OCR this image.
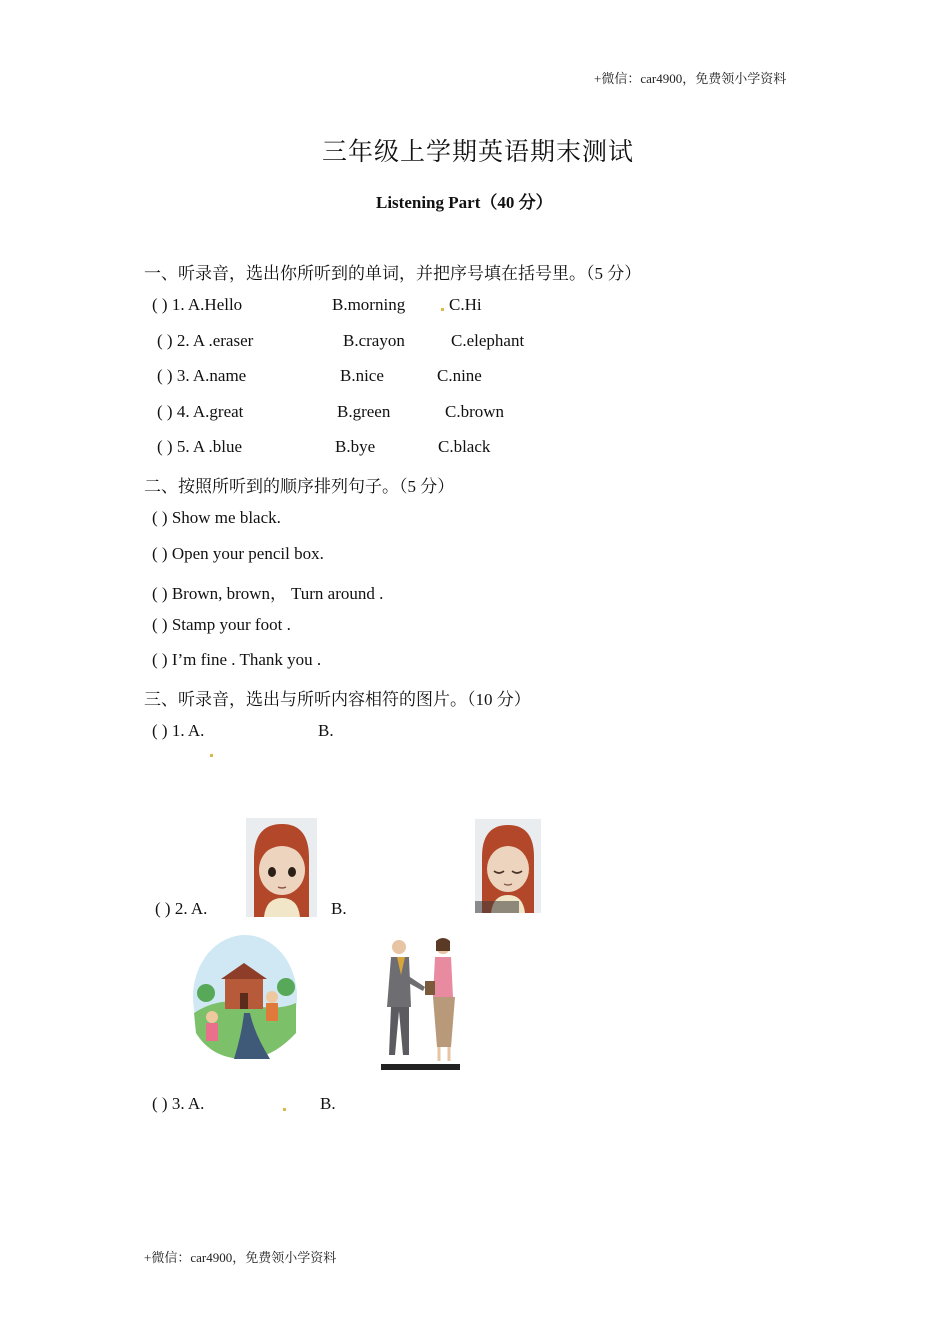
+微信：car4900，免费领小学资料
+微信：car4900，免费领小学资料
三年级上学期英语期末测试
Listening Part（40 分）
一、听录音，选出你所听到的单词，并把序号填在括号里。（5 分）
( ) 1. A.Hello	B.morning	C.Hi
( ) 2. A .eraser	B.crayon	C.elephant
( ) 3. A.name	B.nice	C.nine
( ) 4. A.great	B.green	C.brown
( ) 5. A .blue	B.bye	C.black
二、按照所听到的顺序排列句子。（5 分）
( ) Show me black.
( ) Open your pencil box.
( ) Brown, brown， Turn around .
( ) Stamp your foot .
( ) I’m fine . Thank you .
三、听录音，选出与所听内容相符的图片。（10 分）
( ) 1. A.	B.
( ) 2. A.	B.
( ) 3. A.	B.
